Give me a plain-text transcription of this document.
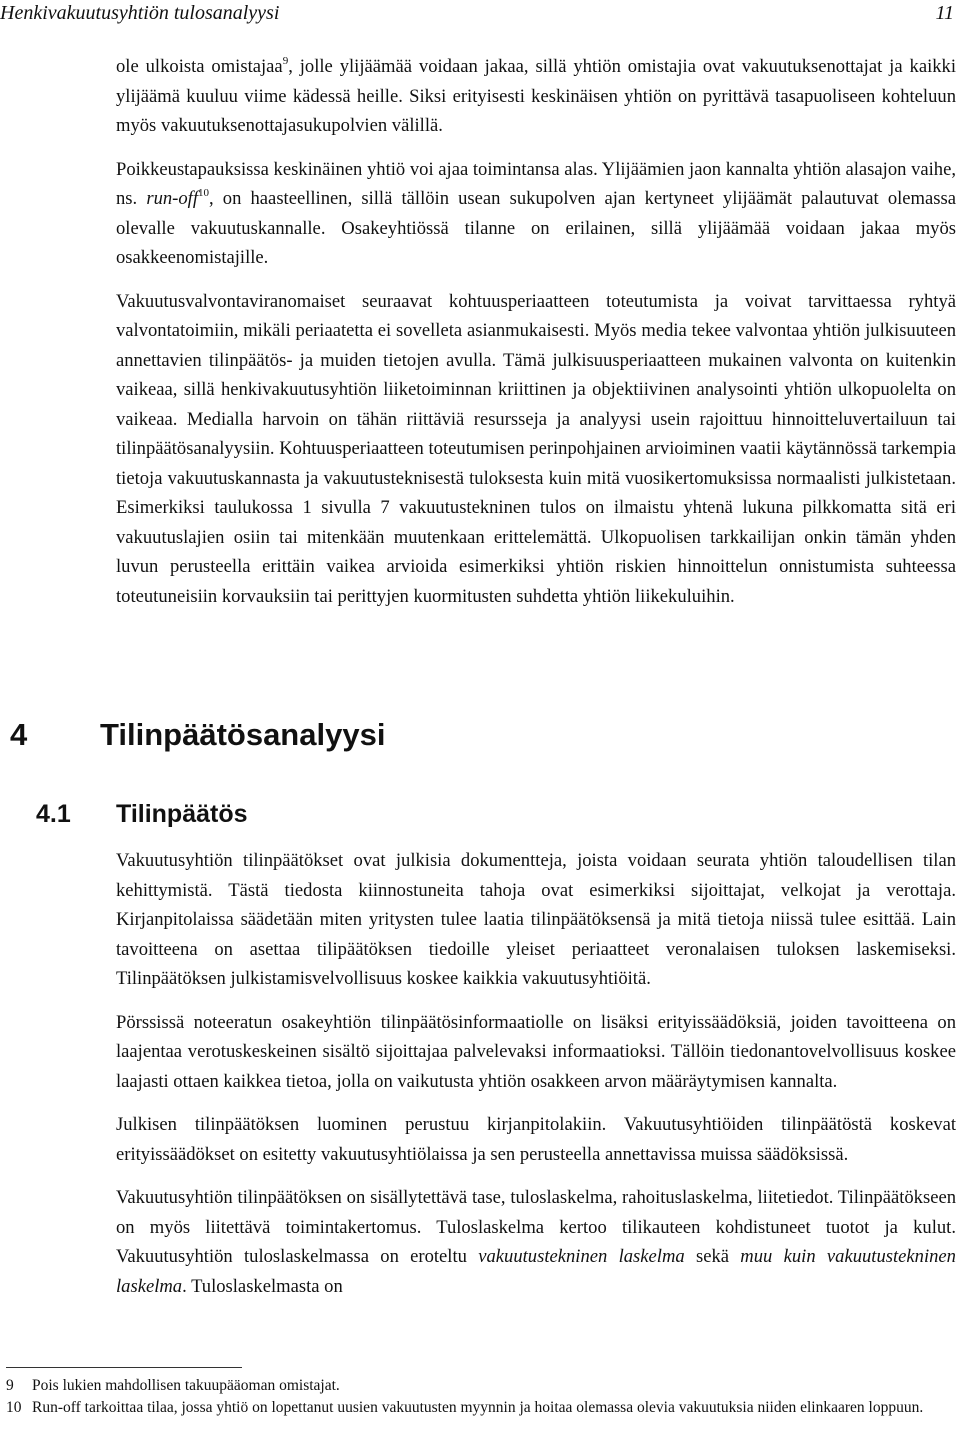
Henkivakuutusyhtiön tulosanalyysi	11

ole ulkoista omistajaa$^9$, jolle ylijäämää voidaan jakaa, sillä yhtiön omistajia ovat vakuutuksenottajat ja kaikki ylijäämä kuuluu viime kädessä heille. Siksi erityisesti keskinäisen yhtiön on pyrittävä tasapuoliseen kohteluun myös vakuutuksenottajasukupolvien välillä.

Poikkeustapauksissa keskinäinen yhtiö voi ajaa toimintansa alas. Ylijäämien jaon kannalta yhtiön alasajon vaihe, ns. run-off$^{10}$, on haasteellinen, sillä tällöin usean sukupolven ajan kertyneet ylijäämät palautuvat olemassa olevalle vakuutuskannalle. Osakeyhtiössä tilanne on erilainen, sillä ylijäämää voidaan jakaa myös osakkeenomistajille.

Vakuutusvalvontaviranomaiset seuraavat kohtuusperiaatteen toteutumista ja voivat tarvittaessa ryhtyä valvontatoimiin, mikäli periaatetta ei sovelleta asianmukaisesti. Myös media tekee valvontaa yhtiön julkisuuteen annettavien tilinpäätös- ja muiden tietojen avulla. Tämä julkisuusperiaatteen mukainen valvonta on kuitenkin vaikeaa, sillä henkivakuutusyhtiön liiketoiminnan kriittinen ja objektiivinen analysointi yhtiön ulkopuolelta on vaikeaa. Medialla harvoin on tähän riittäviä resursseja ja analyysi usein rajoittuu hinnoitteluvertailuun tai tilinpäätösanalyysiin. Kohtuusperiaatteen toteutumisen perinpohjainen arvioiminen vaatii käytännössä tarkempia tietoja vakuutuskannasta ja vakuutusteknisestä tuloksesta kuin mitä vuosikertomuksissa normaalisti julkistetaan. Esimerkiksi taulukossa 1 sivulla 7 vakuutustekninen tulos on ilmaistu yhtenä lukuna pilkkomatta sitä eri vakuutuslajien osiin tai mitenkään muutenkaan erittelemättä. Ulkopuolisen tarkkailijan onkin tämän yhden luvun perusteella erittäin vaikea arvioida esimerkiksi yhtiön riskien hinnoittelun onnistumista suhteessa toteutuneisiin korvauksiin tai perittyjen kuormitusten suhdetta yhtiön liikekuluihin.

4 Tilinpäätösanalyysi
4.1 Tilinpäätös

Vakuutusyhtiön tilinpäätökset ovat julkisia dokumentteja, joista voidaan seurata yhtiön taloudellisen tilan kehittymistä. Tästä tiedosta kiinnostuneita tahoja ovat esimerkiksi sijoittajat, velkojat ja verottaja. Kirjanpitolaissa säädetään miten yritysten tulee laatia tilinpäätöksensä ja mitä tietoja niissä tulee esittää. Lain tavoitteena on asettaa tilipäätöksen tiedoille yleiset periaatteet veronalaisen tuloksen laskemiseksi. Tilinpäätöksen julkistamisvelvollisuus koskee kaikkia vakuutusyhtiöitä.

Pörssissä noteeratun osakeyhtiön tilinpäätösinformaatiolle on lisäksi erityissäädöksiä, joiden tavoitteena on laajentaa verotuskeskeinen sisältö sijoittajaa palvelevaksi informaatioksi. Tällöin tiedonantovelvollisuus koskee laajasti ottaen kaikkea tietoa, jolla on vaikutusta yhtiön osakkeen arvon määräytymisen kannalta.

Julkisen tilinpäätöksen luominen perustuu kirjanpitolakiin. Vakuutusyhtiöiden tilinpäätöstä koskevat erityissäädökset on esitetty vakuutusyhtiölaissa ja sen perusteella annettavissa muissa säädöksissä.

Vakuutusyhtiön tilinpäätöksen on sisällytettävä tase, tuloslaskelma, rahoituslaskelma, liitetiedot. Tilinpäätökseen on myös liitettävä toimintakertomus. Tuloslaskelma kertoo tilikauteen kohdistuneet tuotot ja kulut. Vakuutusyhtiön tuloslaskelmassa on eroteltu vakuutustekninen laskelma sekä muu kuin vakuutustekninen laskelma. Tuloslaskelmasta on

9	Pois lukien mahdollisen takuupääoman omistajat.
10 Run-off tarkoittaa tilaa, jossa yhtiö on lopettanut uusien vakuutusten myynnin ja hoitaa olemassa olevia vakuutuksia niiden elinkaaren loppuun.
